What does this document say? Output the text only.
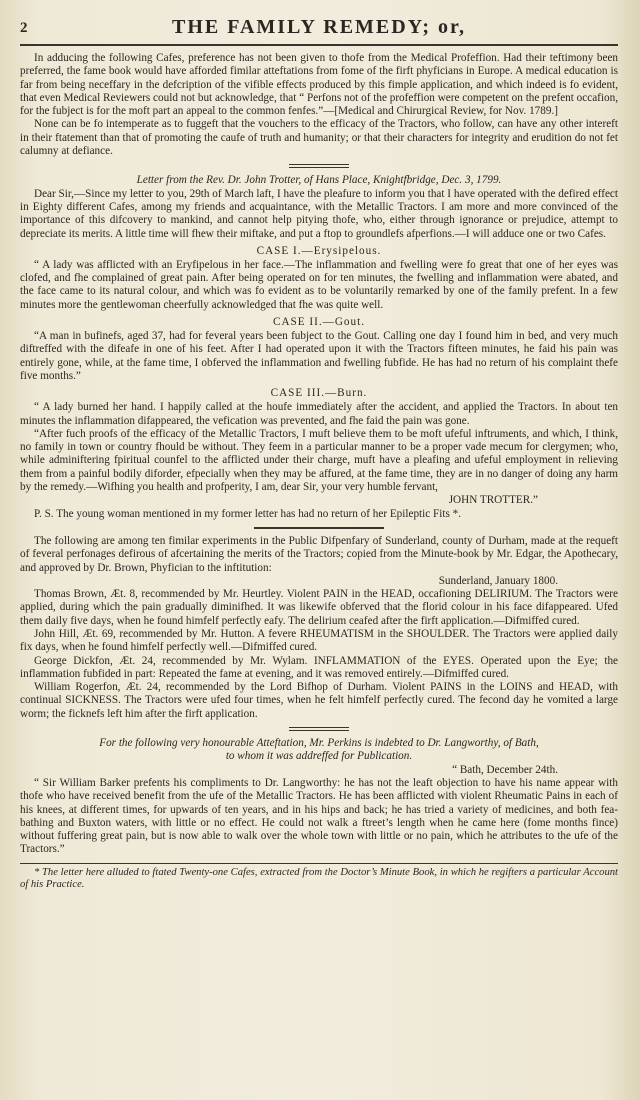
2	THE FAMILY REMEDY; or,

In adducing the following Cafes, preference has not been given to thofe from the Medical Profeffion. Had their teftimony been preferred, the fame book would have afforded fimilar atteftations from fome of the firft phyficians in Europe. A medical education is far from being neceffary in the defcription of the vifible effects produced by this fimple application, and which indeed is fo evident, that even Medical Reviewers could not but acknowledge, that “ Perfons not of the profeffion were competent on the prefent occafion, for the fubject is for the moft part an appeal to the common fenfes.”—[Medical and Chirurgical Review, for Nov. 1789.]

None can be fo intemperate as to fuggeft that the vouchers to the efficacy of the Tractors, who follow, can have any other intereft in their ftatement than that of promoting the caufe of truth and humanity; or that their characters for integrity and erudition do not fet calumny at defiance.

Letter from the Rev. Dr. John Trotter, of Hans Place, Knightfbridge, Dec. 3, 1799.

Dear Sir,—Since my letter to you, 29th of March laft, I have the pleafure to inform you that I have operated with the defired effect in Eighty different Cafes, among my friends and acquaintance, with the Metallic Tractors. I am more and more convinced of the importance of this difcovery to mankind, and cannot help pitying thofe, who, either through ignorance or prejudice, attempt to depreciate its merits. A little time will fhew their miftake, and put a ftop to groundlefs afperfions.—I will adduce one or two Cafes.

CASE I.—Erysipelous.

“ A lady was afflicted with an Eryfipelous in her face.—The inflammation and fwelling were fo great that one of her eyes was clofed, and fhe complained of great pain. After being operated on for ten minutes, the fwelling and inflammation were abated, and the face came to its natural colour, and which was fo evident as to be voluntarily remarked by one of the family prefent. In a few minutes more the gentlewoman cheerfully acknowledged that fhe was quite well.

CASE II.—Gout.

“A man in bufinefs, aged 37, had for feveral years been fubject to the Gout. Calling one day I found him in bed, and very much diftreffed with the difeafe in one of his feet. After I had operated upon it with the Tractors fifteen minutes, he faid his pain was entirely gone, while, at the fame time, I obferved the inflammation and fwelling fubfide. He has had no return of his complaint thefe five months.”

CASE III.—Burn.

“ A lady burned her hand. I happily called at the houfe immediately after the accident, and applied the Tractors. In about ten minutes the inflammation difappeared, the vefication was prevented, and fhe faid the pain was gone.

“After fuch proofs of the efficacy of the Metallic Tractors, I muft believe them to be moft ufeful inftruments, and which, I think, no family in town or country fhould be without. They feem in a particular manner to be a proper vade mecum for clergymen; who, while adminiftering fpiritual counfel to the afflicted under their charge, muft have a pleafing and ufeful employment in relieving them from a painful bodily diforder, efpecially when they may be affured, at the fame time, they are in no danger of doing any harm by the remedy.—Wifhing you health and profperity, I am, dear Sir, your very humble fervant,

JOHN TROTTER.”

P. S. The young woman mentioned in my former letter has had no return of her Epileptic Fits *.

The following are among ten fimilar experiments in the Public Difpenfary of Sunderland, county of Durham, made at the requeft of feveral perfonages defirous of afcertaining the merits of the Tractors; copied from the Minute-book by Mr. Edgar, the Apothecary, and approved by Dr. Brown, Phyfician to the inftitution:

Sunderland, January 1800.

Thomas Brown, Æt. 8, recommended by Mr. Heurtley. Violent PAIN in the HEAD, occafioning DELIRIUM. The Tractors were applied, during which the pain gradually diminifhed. It was likewife obferved that the florid colour in his face difappeared. Ufed them daily five days, when he found himfelf perfectly eafy. The delirium ceafed after the firft application.—Difmiffed cured.

John Hill, Æt. 69, recommended by Mr. Hutton. A fevere RHEUMATISM in the SHOULDER. The Tractors were applied daily fix days, when he found himfelf perfectly well.—Difmiffed cured.

George Dickfon, Æt. 24, recommended by Mr. Wylam. INFLAMMATION of the EYES. Operated upon the Eye; the inflammation fubfided in part: Repeated the fame at evening, and it was removed entirely.—Difmiffed cured.

William Rogerfon, Æt. 24, recommended by the Lord Bifhop of Durham. Violent PAINS in the LOINS and HEAD, with continual SICKNESS. The Tractors were ufed four times, when he felt himfelf perfectly cured. The fecond day he vomited a large worm; the ficknefs left him after the firft application.

For the following very honourable Atteftation, Mr. Perkins is indebted to Dr. Langworthy, of Bath,

to whom it was addreffed for Publication.

“ Bath, December 24th.

“ Sir William Barker prefents his compliments to Dr. Langworthy: he has not the leaft objection to have his name appear with thofe who have received benefit from the ufe of the Metallic Tractors. He has been afflicted with violent Rheumatic Pains in each of his knees, at different times, for upwards of ten years, and in his hips and back; he has tried a variety of medicines, and both fea-bathing and Buxton waters, with little or no effect. He could not walk a ftreet’s length when he came here (fome months fince) without fuffering great pain, but is now able to walk over the whole town with little or no pain, which he attributes to the ufe of the Tractors.”

* The letter here alluded to ftated Twenty-one Cafes, extracted from the Doctor’s Minute Book, in which he regifters a particular Account of his Practice.
